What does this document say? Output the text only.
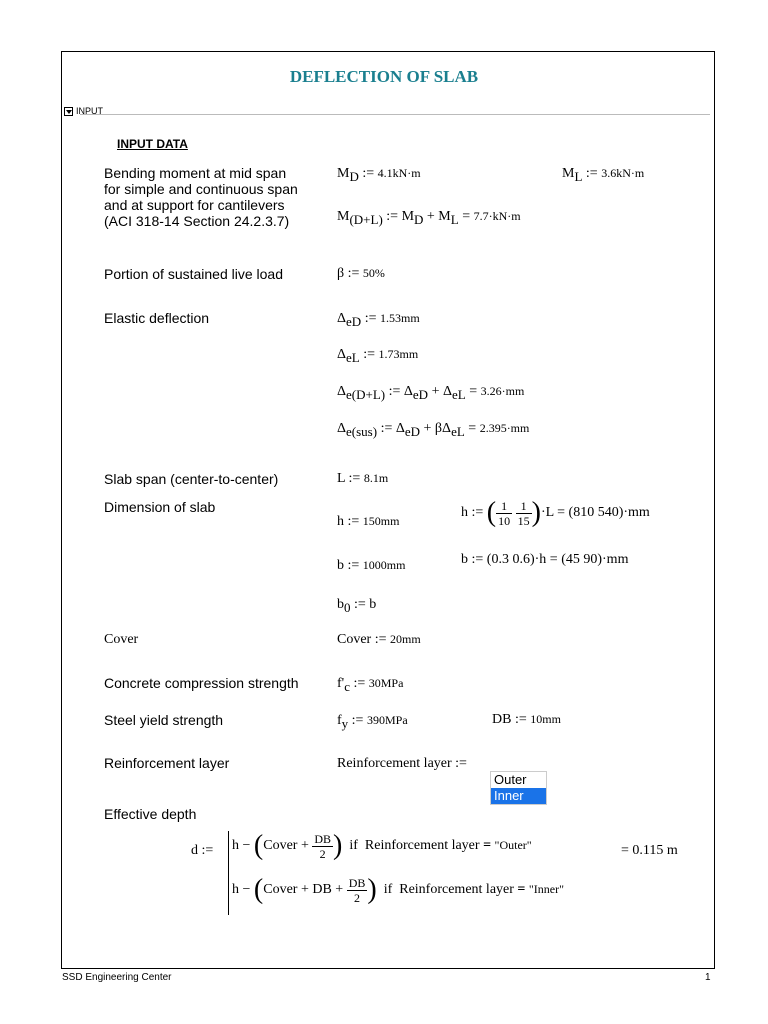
DEFLECTION OF SLAB
INPUT
INPUT DATA
Bending moment at mid span
for simple and continuous span
and at support for cantilevers
(ACI 318-14 Section 24.2.3.7)
MD := 4.1kN·m	ML := 3.6kN·m
M(D+L) := MD + ML = 7.7·kN·m
Portion of sustained live load	β := 50%
Elastic deflection	ΔeD := 1.53mm
ΔeL := 1.73mm
Δe(D+L) := ΔeD + ΔeL = 3.26·mm
Δe(sus) := ΔeD + βΔeL = 2.395·mm
Slab span (center-to-center)	L := 8.1m
Dimension of slab
h := 150mm
h := ( $\frac{1}{10}$
$\frac{1}{15} )\cdot L = (810$ 540)·mm
b := 1000mm	b := (0.3 0.6)·h = (45 90)·mm
b0 := b
Cover	Cover := 20mm
Concrete compression strength	f'c := 30MPa
Steel yield strength	fy := 390MPa	DB := 10mm
Reinforcement layer	Reinforcement layer :=
Outer
Inner
Effective depth
d := h − (Cover + $\frac{DB}{2}$ )  if  Reinforcement layer = "Outer"	= 0.115 m
h − (Cover + DB + $\frac{DB}{2}$ )  if  Reinforcement layer = "Inner"
SSD Engineering Center	1
